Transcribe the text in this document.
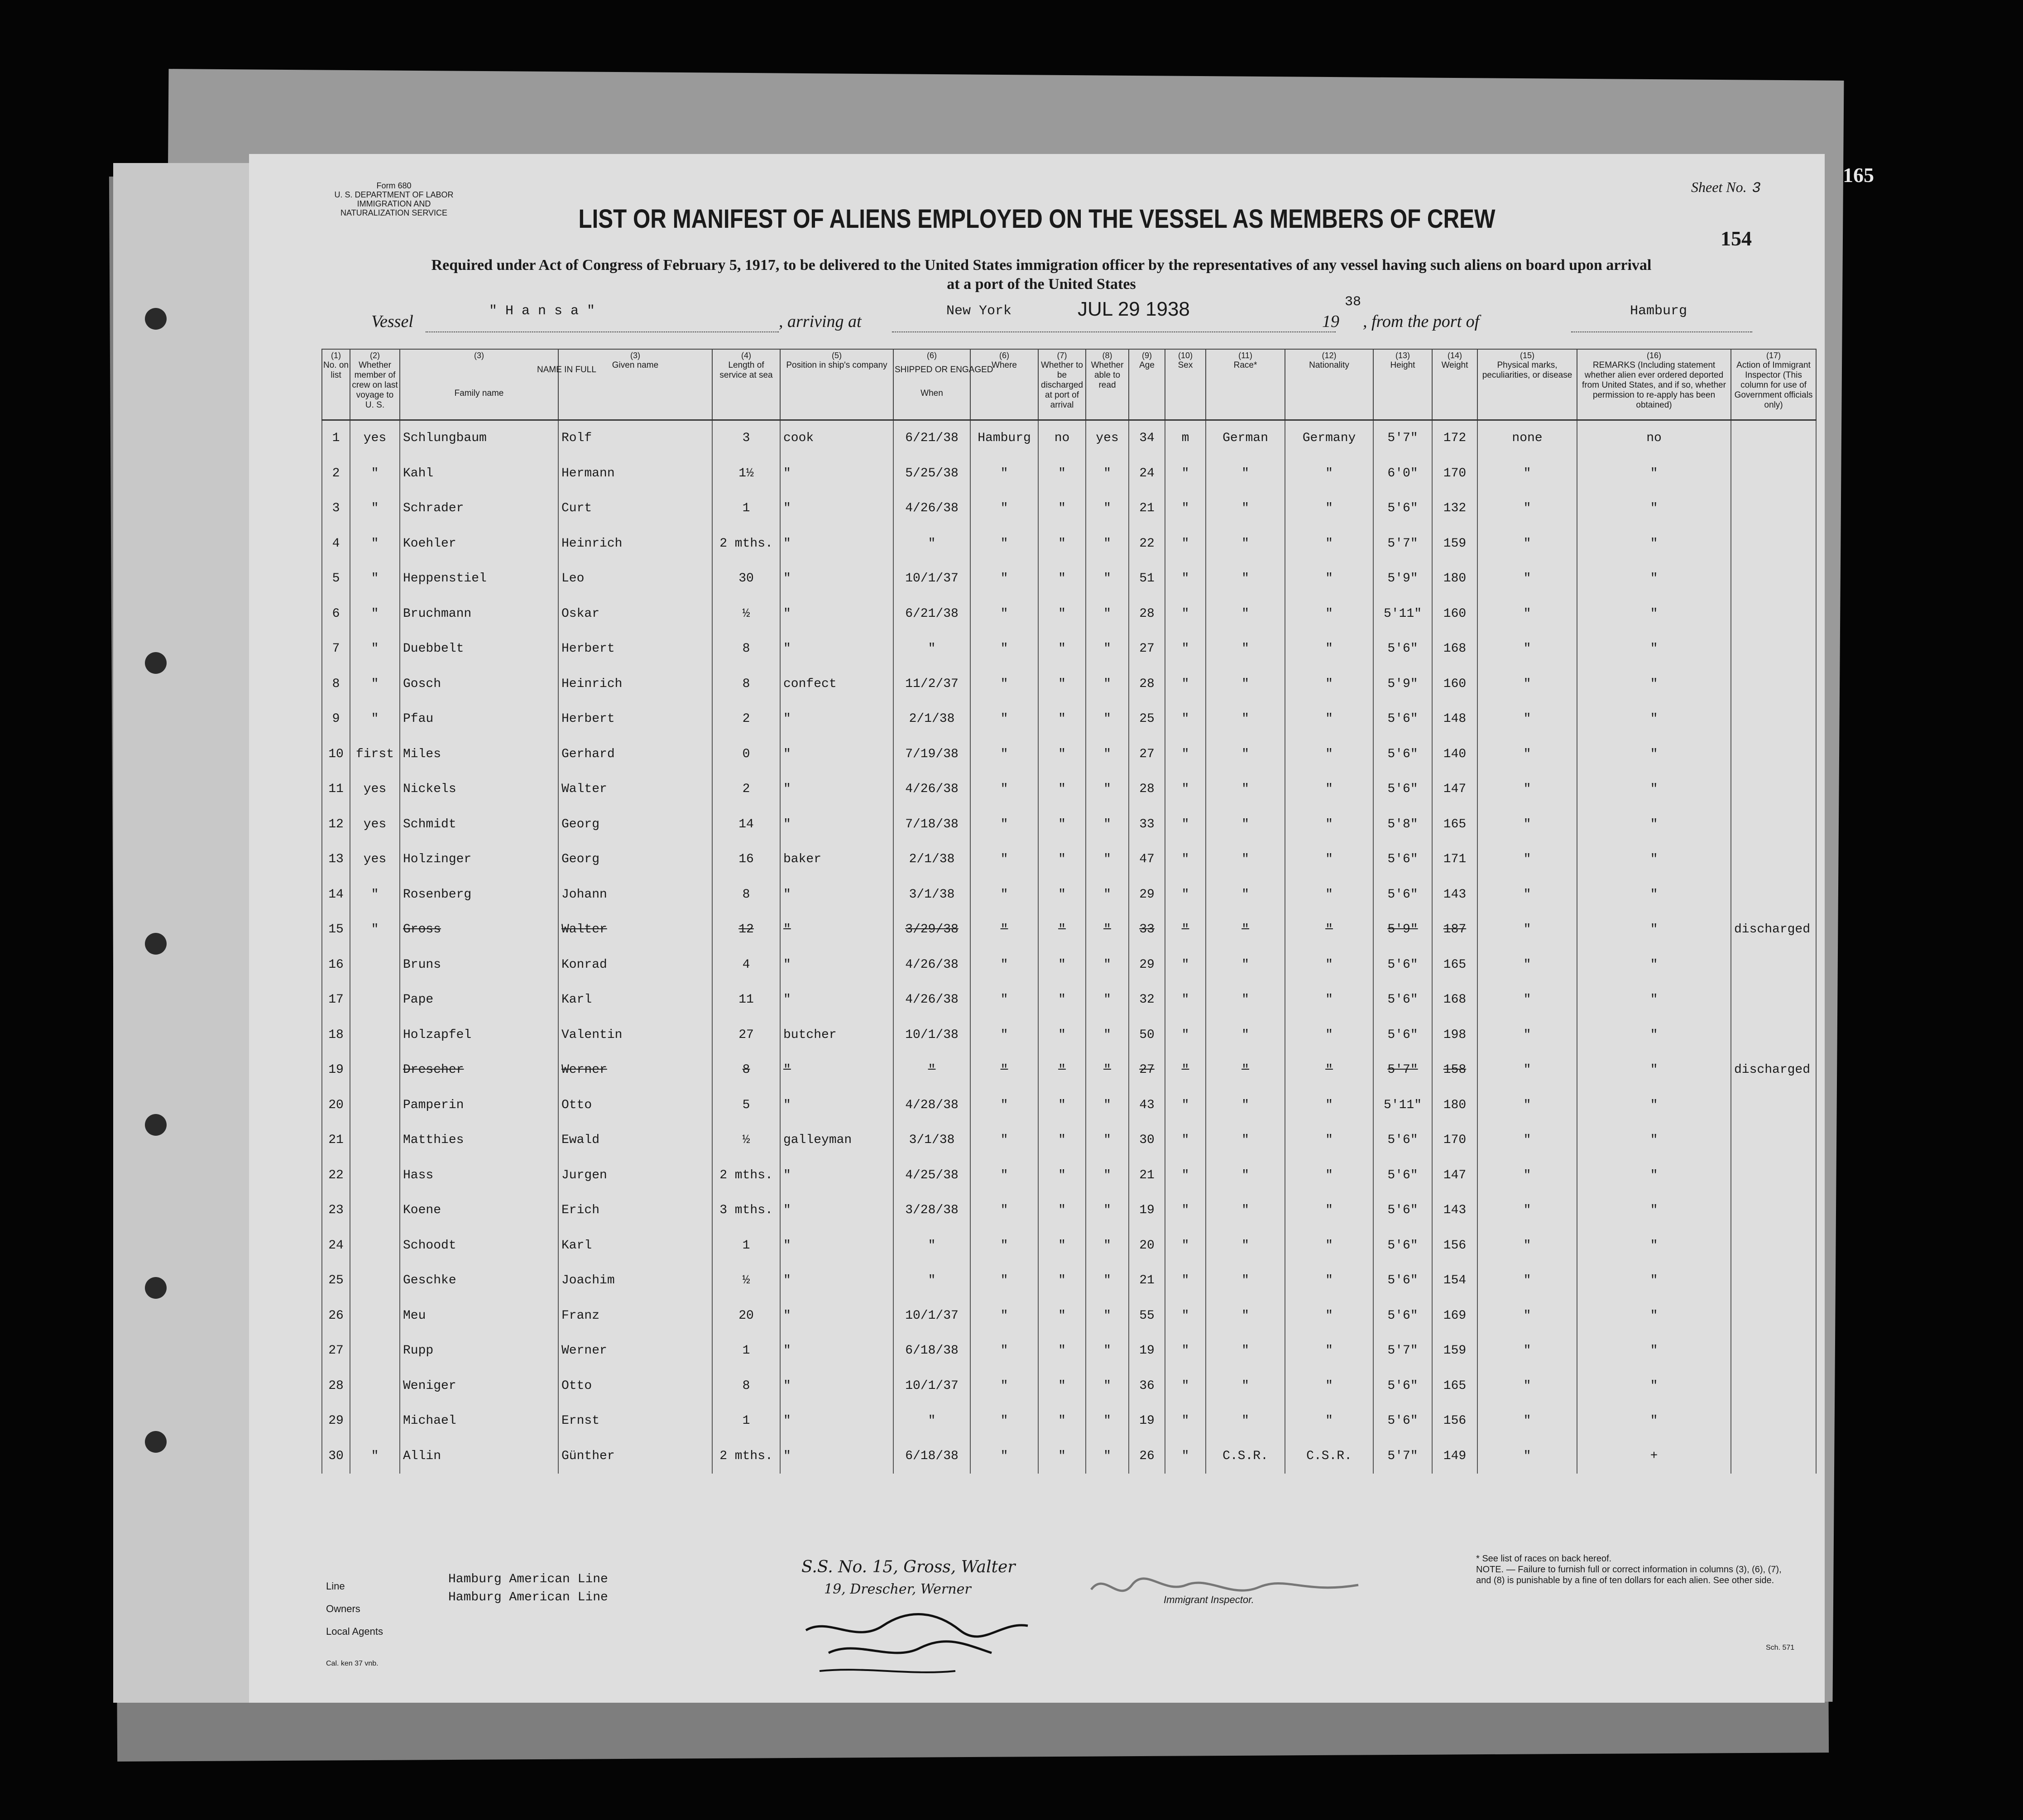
Form 680
U. S. DEPARTMENT OF LABOR
IMMIGRATION AND NATURALIZATION SERVICE
Sheet No. 3
LIST OR MANIFEST OF ALIENS EMPLOYED ON THE VESSEL AS MEMBERS OF CREW
154
Required under Act of Congress of February 5, 1917, to be delivered to the United States immigration officer by the representatives of any vessel having such aliens on board upon arrival
at a port of the United States
Vessel
" H a n s a "
, arriving at
New York	JUL 29 1938
19
38
, from the port of
Hamburg
(1)
No. on list	(2)
Whether member of crew on last voyage to U. S.	(3)
NAME IN FULL
Family name	(3)
Given name	(4)
Length of service at sea	(5)
Position in ship's company	(6)
SHIPPED OR ENGAGED
When	(6)
Where	(7)
Whether to be discharged at port of arrival	(8)
Whether able to read	(9)
Age	(10)
Sex	(11)
Race*	(12)
Nationality	(13)
Height	(14)
Weight	(15)
Physical marks, peculiarities, or disease	(16)
REMARKS (Including statement whether alien ever ordered deported from United States, and if so, whether permission to re-apply has been obtained)	(17)
Action of Immigrant Inspector (This column for use of Government officials only)
1	yes	Schlungbaum	Rolf	3	cook	6/21/38	Hamburg	no	yes	34	m	German	Germany	5'7"	172	none	no	
2	"	Kahl	Hermann	1½	"	5/25/38	"	"	"	24	"	"	"	6'0"	170	"	"	
3	"	Schrader	Curt	1	"	4/26/38	"	"	"	21	"	"	"	5'6"	132	"	"	
4	"	Koehler	Heinrich	2 mths.	"	"	"	"	"	22	"	"	"	5'7"	159	"	"	
5	"	Heppenstiel	Leo	30	"	10/1/37	"	"	"	51	"	"	"	5'9"	180	"	"	
6	"	Bruchmann	Oskar	½	"	6/21/38	"	"	"	28	"	"	"	5'11"	160	"	"	
7	"	Duebbelt	Herbert	8	"	"	"	"	"	27	"	"	"	5'6"	168	"	"	
8	"	Gosch	Heinrich	8	confect	11/2/37	"	"	"	28	"	"	"	5'9"	160	"	"	
9	"	Pfau	Herbert	2	"	2/1/38	"	"	"	25	"	"	"	5'6"	148	"	"	
10	first	Miles	Gerhard	0	"	7/19/38	"	"	"	27	"	"	"	5'6"	140	"	"	
11	yes	Nickels	Walter	2	"	4/26/38	"	"	"	28	"	"	"	5'6"	147	"	"	
12	yes	Schmidt	Georg	14	"	7/18/38	"	"	"	33	"	"	"	5'8"	165	"	"	
13	yes	Holzinger	Georg	16	baker	2/1/38	"	"	"	47	"	"	"	5'6"	171	"	"	
14	"	Rosenberg	Johann	8	"	3/1/38	"	"	"	29	"	"	"	5'6"	143	"	"	
15	"	Gross	Walter	12	"	3/29/38	"	"	"	33	"	"	"	5'9"	187	"	"	discharged
16		Bruns	Konrad	4	"	4/26/38	"	"	"	29	"	"	"	5'6"	165	"	"	
17		Pape	Karl	11	"	4/26/38	"	"	"	32	"	"	"	5'6"	168	"	"	
18		Holzapfel	Valentin	27	butcher	10/1/38	"	"	"	50	"	"	"	5'6"	198	"	"	
19		Drescher	Werner	8	"	"	"	"	"	27	"	"	"	5'7"	158	"	"	discharged
20		Pamperin	Otto	5	"	4/28/38	"	"	"	43	"	"	"	5'11"	180	"	"	
21		Matthies	Ewald	½	galleyman	3/1/38	"	"	"	30	"	"	"	5'6"	170	"	"	
22		Hass	Jurgen	2 mths.	"	4/25/38	"	"	"	21	"	"	"	5'6"	147	"	"	
23		Koene	Erich	3 mths.	"	3/28/38	"	"	"	19	"	"	"	5'6"	143	"	"	
24		Schoodt	Karl	1	"	"	"	"	"	20	"	"	"	5'6"	156	"	"	
25		Geschke	Joachim	½	"	"	"	"	"	21	"	"	"	5'6"	154	"	"	
26		Meu	Franz	20	"	10/1/37	"	"	"	55	"	"	"	5'6"	169	"	"	
27		Rupp	Werner	1	"	6/18/38	"	"	"	19	"	"	"	5'7"	159	"	"	
28		Weniger	Otto	8	"	10/1/37	"	"	"	36	"	"	"	5'6"	165	"	"	
29		Michael	Ernst	1	"	"	"	"	"	19	"	"	"	5'6"	156	"	"	
30	"	Allin	Günther	2 mths.	"	6/18/38	"	"	"	26	"	C.S.R.	C.S.R.	5'7"	149	"	+	
Line	Hamburg American Line
Owners
Hamburg American Line
Local Agents
S.S. No. 15, Gross, Walter
19, Drescher, Werner
Immigrant Inspector.
* See list of races on back hereof.
NOTE. — Failure to furnish full or correct information in columns (3), (6), (7), and (8) is punishable by a fine of ten dollars for each alien. See other side.
Sch. 571
Cal. ken 37 vnb.
165
